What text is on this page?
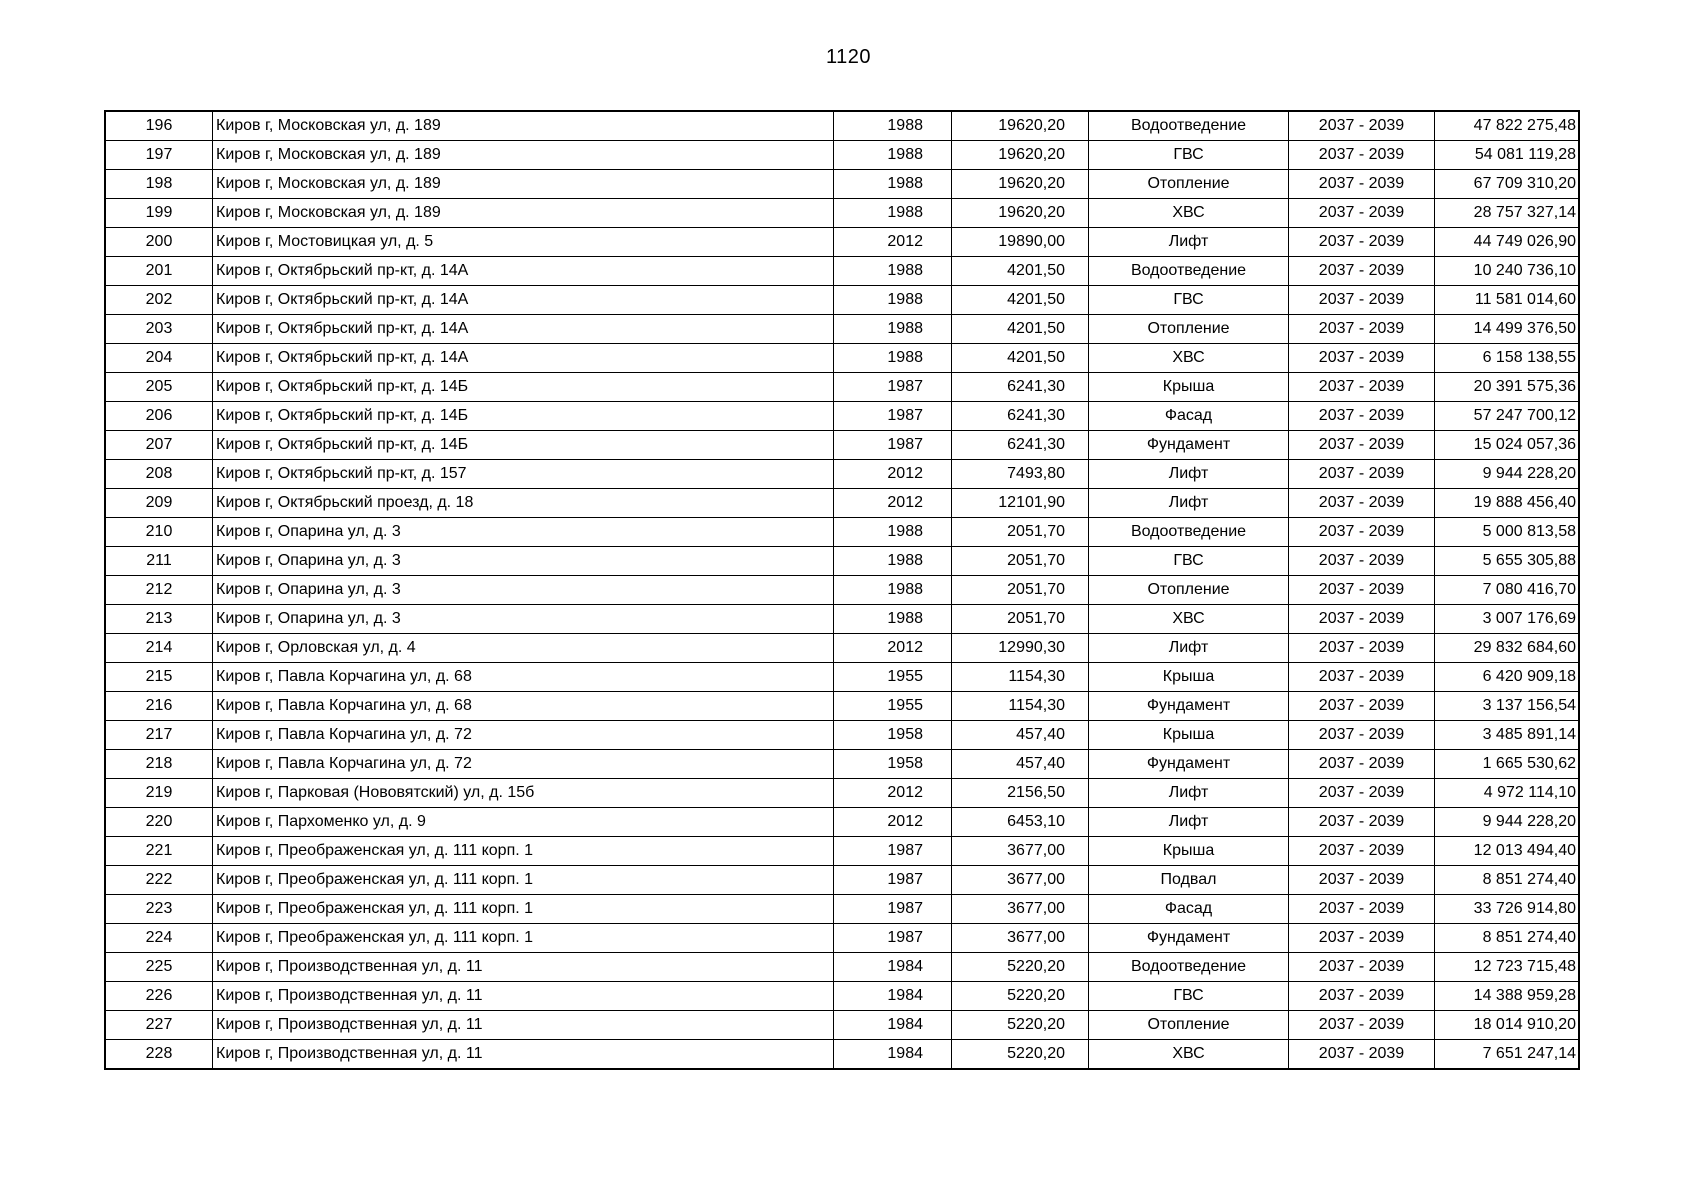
1120
196	Киров г, Московская ул, д. 189	1988	19620,20	Водоотведение	2037 - 2039	47 822 275,48
197	Киров г, Московская ул, д. 189	1988	19620,20	ГВС	2037 - 2039	54 081 119,28
198	Киров г, Московская ул, д. 189	1988	19620,20	Отопление	2037 - 2039	67 709 310,20
199	Киров г, Московская ул, д. 189	1988	19620,20	ХВС	2037 - 2039	28 757 327,14
200	Киров г, Мостовицкая ул, д. 5	2012	19890,00	Лифт	2037 - 2039	44 749 026,90
201	Киров г, Октябрьский пр-кт, д. 14А	1988	4201,50	Водоотведение	2037 - 2039	10 240 736,10
202	Киров г, Октябрьский пр-кт, д. 14А	1988	4201,50	ГВС	2037 - 2039	11 581 014,60
203	Киров г, Октябрьский пр-кт, д. 14А	1988	4201,50	Отопление	2037 - 2039	14 499 376,50
204	Киров г, Октябрьский пр-кт, д. 14А	1988	4201,50	ХВС	2037 - 2039	6 158 138,55
205	Киров г, Октябрьский пр-кт, д. 14Б	1987	6241,30	Крыша	2037 - 2039	20 391 575,36
206	Киров г, Октябрьский пр-кт, д. 14Б	1987	6241,30	Фасад	2037 - 2039	57 247 700,12
207	Киров г, Октябрьский пр-кт, д. 14Б	1987	6241,30	Фундамент	2037 - 2039	15 024 057,36
208	Киров г, Октябрьский пр-кт, д. 157	2012	7493,80	Лифт	2037 - 2039	9 944 228,20
209	Киров г, Октябрьский проезд, д. 18	2012	12101,90	Лифт	2037 - 2039	19 888 456,40
210	Киров г, Опарина ул, д. 3	1988	2051,70	Водоотведение	2037 - 2039	5 000 813,58
211	Киров г, Опарина ул, д. 3	1988	2051,70	ГВС	2037 - 2039	5 655 305,88
212	Киров г, Опарина ул, д. 3	1988	2051,70	Отопление	2037 - 2039	7 080 416,70
213	Киров г, Опарина ул, д. 3	1988	2051,70	ХВС	2037 - 2039	3 007 176,69
214	Киров г, Орловская ул, д. 4	2012	12990,30	Лифт	2037 - 2039	29 832 684,60
215	Киров г, Павла Корчагина ул, д. 68	1955	1154,30	Крыша	2037 - 2039	6 420 909,18
216	Киров г, Павла Корчагина ул, д. 68	1955	1154,30	Фундамент	2037 - 2039	3 137 156,54
217	Киров г, Павла Корчагина ул, д. 72	1958	457,40	Крыша	2037 - 2039	3 485 891,14
218	Киров г, Павла Корчагина ул, д. 72	1958	457,40	Фундамент	2037 - 2039	1 665 530,62
219	Киров г, Парковая (Нововятский) ул, д. 15б	2012	2156,50	Лифт	2037 - 2039	4 972 114,10
220	Киров г, Пархоменко ул, д. 9	2012	6453,10	Лифт	2037 - 2039	9 944 228,20
221	Киров г, Преображенская ул, д. 111 корп. 1	1987	3677,00	Крыша	2037 - 2039	12 013 494,40
222	Киров г, Преображенская ул, д. 111 корп. 1	1987	3677,00	Подвал	2037 - 2039	8 851 274,40
223	Киров г, Преображенская ул, д. 111 корп. 1	1987	3677,00	Фасад	2037 - 2039	33 726 914,80
224	Киров г, Преображенская ул, д. 111 корп. 1	1987	3677,00	Фундамент	2037 - 2039	8 851 274,40
225	Киров г, Производственная ул, д. 11	1984	5220,20	Водоотведение	2037 - 2039	12 723 715,48
226	Киров г, Производственная ул, д. 11	1984	5220,20	ГВС	2037 - 2039	14 388 959,28
227	Киров г, Производственная ул, д. 11	1984	5220,20	Отопление	2037 - 2039	18 014 910,20
228	Киров г, Производственная ул, д. 11	1984	5220,20	ХВС	2037 - 2039	7 651 247,14
